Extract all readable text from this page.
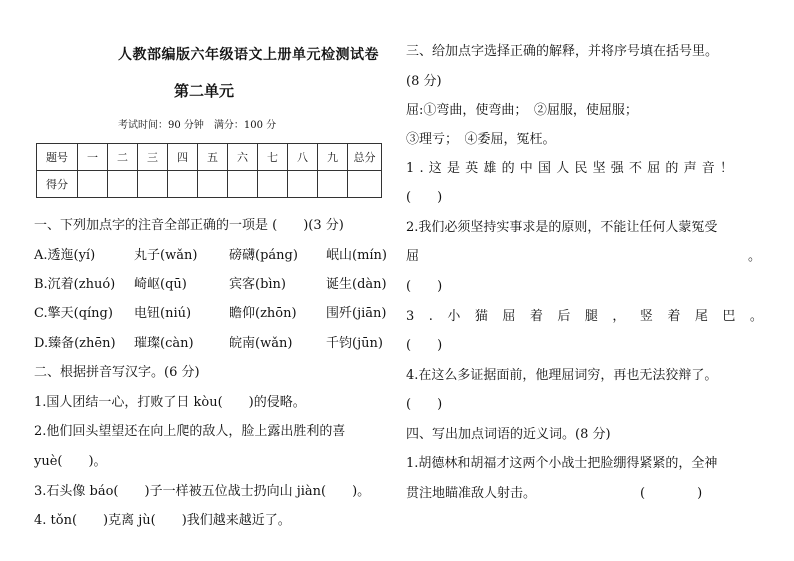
人教部编版六年级语文上册单元检测试卷
第二单元
考试时间：90 分钟 满分：100 分
题号	一	二	三	四	五	六	七	八	九	总分
得分										
一、下列加点字的注音全部正确的一项是 (　　)(3 分)
A.透迤(yí)	丸子(wǎn) 磅礴(páng) 岷山(mín)
B.沉着(zhuó) 崎岖(qū)	宾客(bìn)	诞生(dàn)
C.擎天(qíng) 电钮(niú)	瞻仰(zhōn) 围歼(jiān)
D.臻备(zhēn) 璀璨(càn)	皖南(wǎn)	千钧(jūn)
二、根据拼音写汉字。(6 分)
1.国人团结一心，打败了日 kòu(　　)的侵略。
2.他们回头望望还在向上爬的敌人，脸上露出胜利的喜
yuè(　　)。
3.石头像 báo(　　)子一样被五位战士扔向山 jiàn(　　)。
4. tǒn(　　)克离 jù(　　)我们越来越近了。
三、给加点字选择正确的解释，并将序号填在括号里。
(8 分)
屈:①弯曲，使弯曲；　②屈服，使屈服；
③理亏；　④委屈，冤枉。
1.这是英雄的中国人民坚强不屈的声音！
(　　)
2.我们必须坚持实事求是的原则，不能让任何人蒙冤受
屈	。
(　　)
3.小猫屈着后腿，竖着尾巴。
(　　)
4.在这么多证据面前，他理屈词穷，再也无法狡辩了。
(　　)
四、写出加点词语的近义词。(8 分)
1.胡德林和胡福才这两个小战士把脸绷得紧紧的，全神
贯注地瞄准敌人射击。	(　　　　)
